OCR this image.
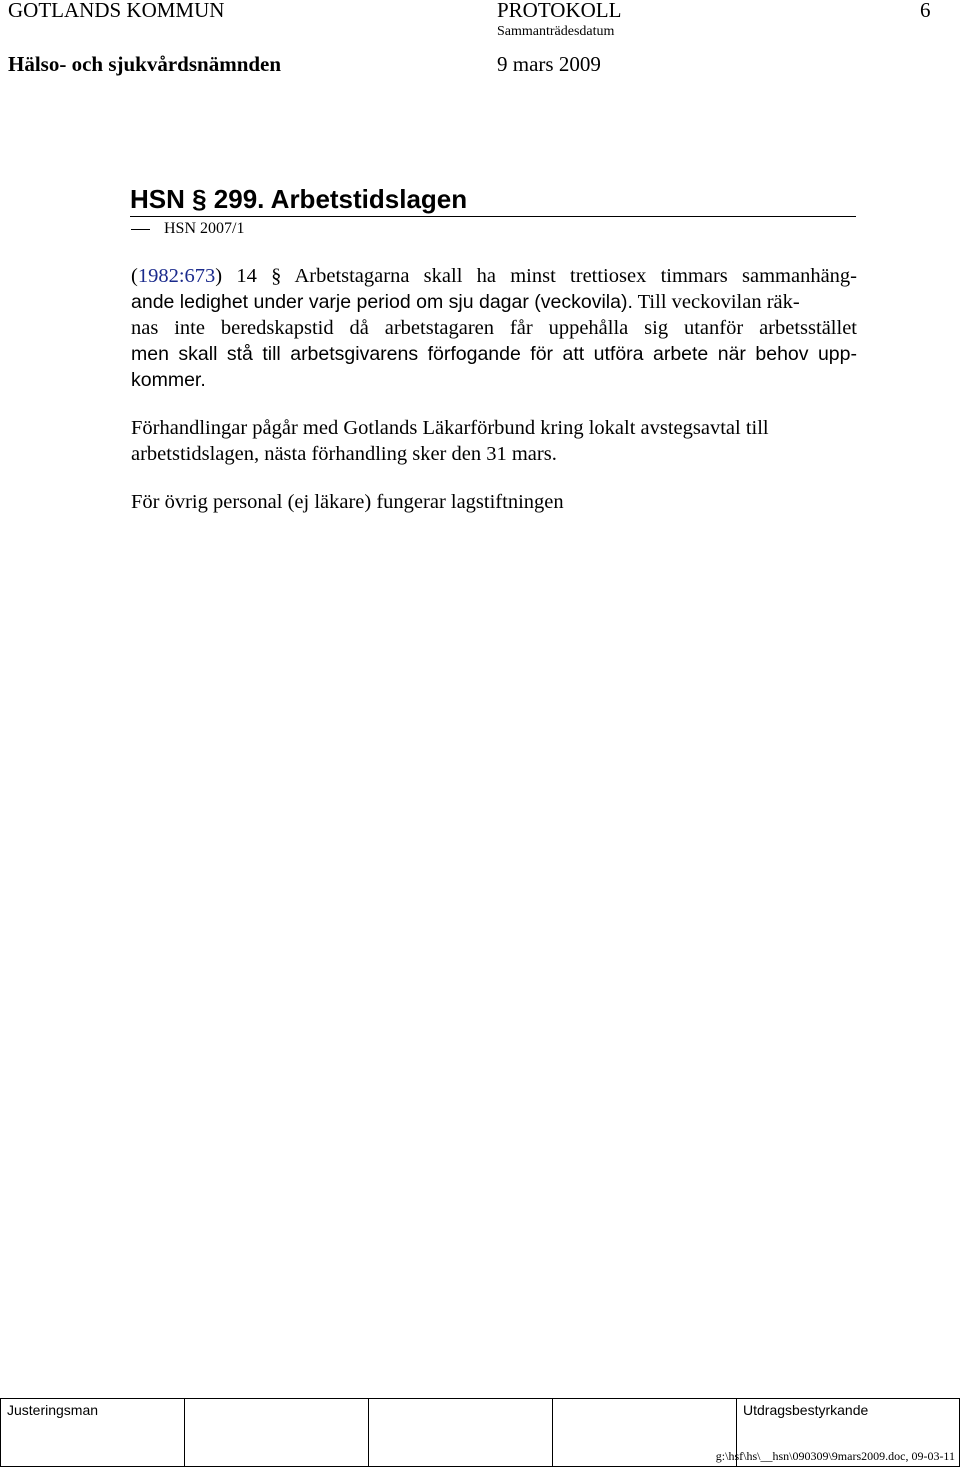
GOTLANDS KOMMUN	PROTOKOLL	6
Sammanträdesdatum
Hälso- och sjukvårdsnämnden	9 mars 2009
HSN § 299. Arbetstidslagen
HSN 2007/1
(1982:673) 14 § Arbetstagarna skall ha minst trettiosex timmars sammanhäng-
ande ledighet under varje period om sju dagar (veckovila). Till veckovilan räk-
nas inte beredskapstid då arbetstagaren får uppehålla sig utanför arbetsstället
men skall stå till arbetsgivarens förfogande för att utföra arbete när behov upp-
kommer.
Förhandlingar pågår med Gotlands Läkarförbund kring lokalt avstegsavtal till
arbetstidslagen, nästa förhandling sker den 31 mars.
För övrig personal (ej läkare) fungerar lagstiftningen
Justeringsman	Utdragsbestyrkande
g:\hsf\hs\__hsn\090309\9mars2009.doc, 09-03-11
